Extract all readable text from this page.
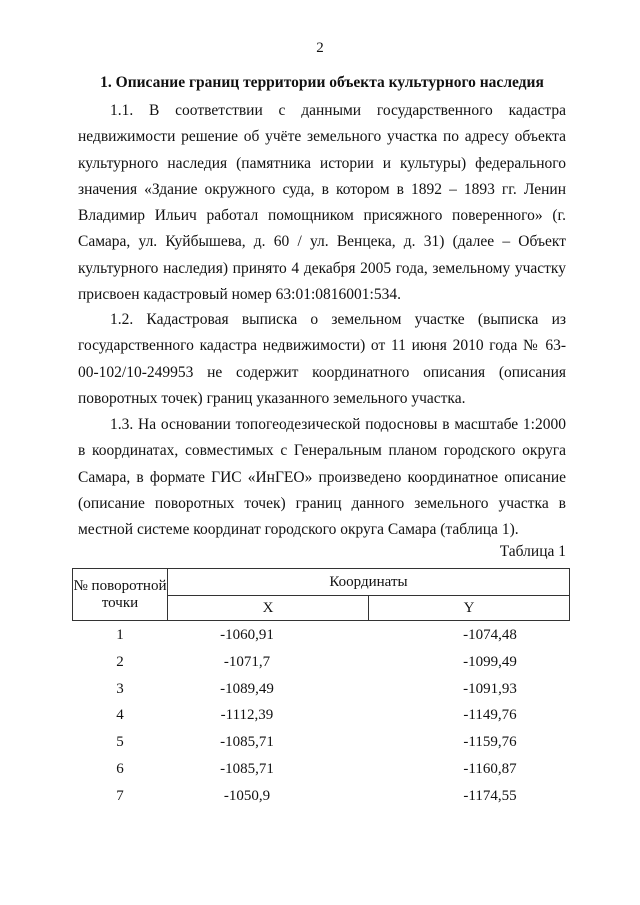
2
1. Описание границ территории объекта культурного наследия

1.1. В соответствии с данными государственного кадастра недвижимости решение об учёте земельного участка по адресу объекта культурного наследия (памятника истории и культуры) федерального значения «Здание окружного суда, в котором в 1892 – 1893 гг. Ленин Владимир Ильич работал помощником присяжного поверенного» (г. Самара, ул. Куйбышева, д. 60 / ул. Венцека, д. 31) (далее – Объект культурного наследия) принято 4 декабря 2005 года, земельному участку присвоен кадастровый номер 63:01:0816001:534.

1.2. Кадастровая выписка о земельном участке (выписка из государственного кадастра недвижимости) от 11 июня 2010 года № 63-00-102/10-249953 не содержит координатного описания (описания поворотных точек) границ указанного земельного участка.

1.3. На основании топогеодезической подосновы в масштабе 1:2000 в координатах, совместимых с Генеральным планом городского округа Самара, в формате ГИС «ИнГЕО» произведено координатное описание (описание поворотных точек) границ данного земельного участка в местной системе координат городского округа Самара (таблица 1).

Таблица 1
№ поворотной точки	Координаты	
	X	Y
1	-1060,91	-1074,48
2	-1071,7	-1099,49
3	-1089,49	-1091,93
4	-1112,39	-1149,76
5	-1085,71	-1159,76
6	-1085,71	-1160,87
7	-1050,9	-1174,55
